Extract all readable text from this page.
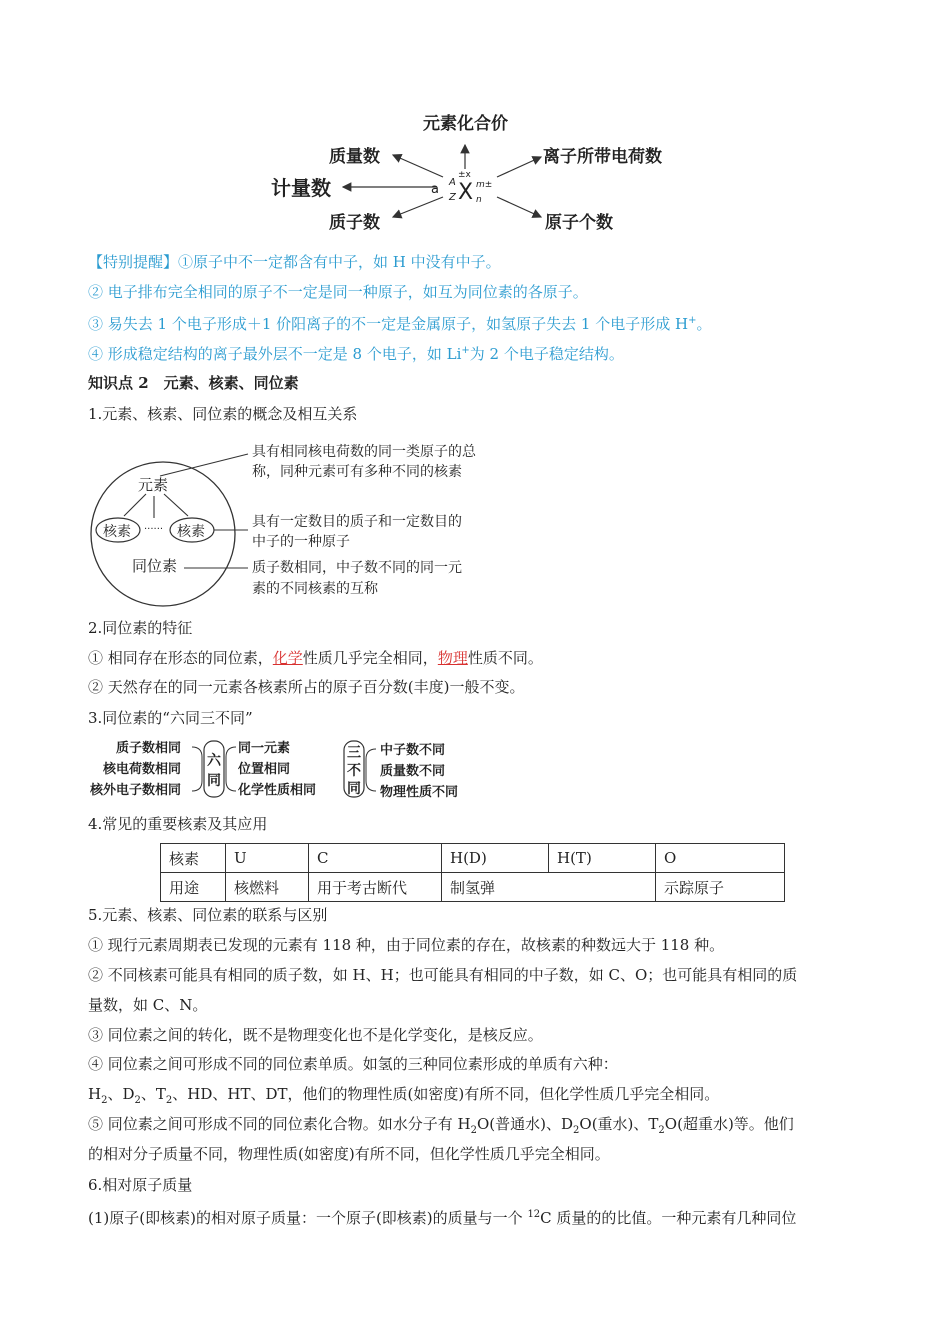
元素化合价
质量数
计量数
质子数
离子所带电荷数
原子个数
a A
Z X
±x
m±
n
【特别提醒】①原子中不一定都含有中子，如 H 中没有中子。
② 电子排布完全相同的原子不一定是同一种原子，如互为同位素的各原子。
③ 易失去 1 个电子形成＋1 价阳离子的不一定是金属原子，如氢原子失去 1 个电子形成 H+。
④ 形成稳定结构的离子最外层不一定是 8 个电子，如 Li+为 2 个电子稳定结构。
知识点 2　元素、核素、同位素
1.元素、核素、同位素的概念及相互关系
元素
核素	核素
······
同位素
具有相同核电荷数的同一类原子的总
称，同种元素可有多种不同的核素
具有一定数目的质子和一定数目的
中子的一种原子
质子数相同，中子数不同的同一元
素的不同核素的互称
2.同位素的特征
① 相同存在形态的同位素，化学性质几乎完全相同，物理性质不同。
② 天然存在的同一元素各核素所占的原子百分数(丰度)一般不变。
3.同位素的“六同三不同”
质子数相同
核电荷数相同
核外电子数相同
六
同
同一元素
位置相同
化学性质相同
三
不
同
中子数不同
质量数不同
物理性质不同
4.常见的重要核素及其应用
核素	U	C	H(D)	H(T)	O
用途	核燃料	用于考古断代	制氢弹		示踪原子
5.元素、核素、同位素的联系与区别
① 现行元素周期表已发现的元素有 118 种，由于同位素的存在，故核素的种数远大于 118 种。
② 不同核素可能具有相同的质子数，如 H、H；也可能具有相同的中子数，如 C、O；也可能具有相同的质
量数，如 C、N。
③ 同位素之间的转化，既不是物理变化也不是化学变化，是核反应。
④ 同位素之间可形成不同的同位素单质。如氢的三种同位素形成的单质有六种：
$H_2$、$D_2$、$T_2$、HD、HT、DT，他们的物理性质(如密度)有所不同，但化学性质几乎完全相同。
⑤ 同位素之间可形成不同的同位素化合物。如水分子有 $H_2O$(普通水)、$D_2O$(重水)、$T_2O$(超重水)等。他们
的相对分子质量不同，物理性质(如密度)有所不同，但化学性质几乎完全相同。
6.相对原子质量
(1)原子(即核素)的相对原子质量：一个原子(即核素)的质量与一个 $^{12}$C 质量的的比值。一种元素有几种同位
